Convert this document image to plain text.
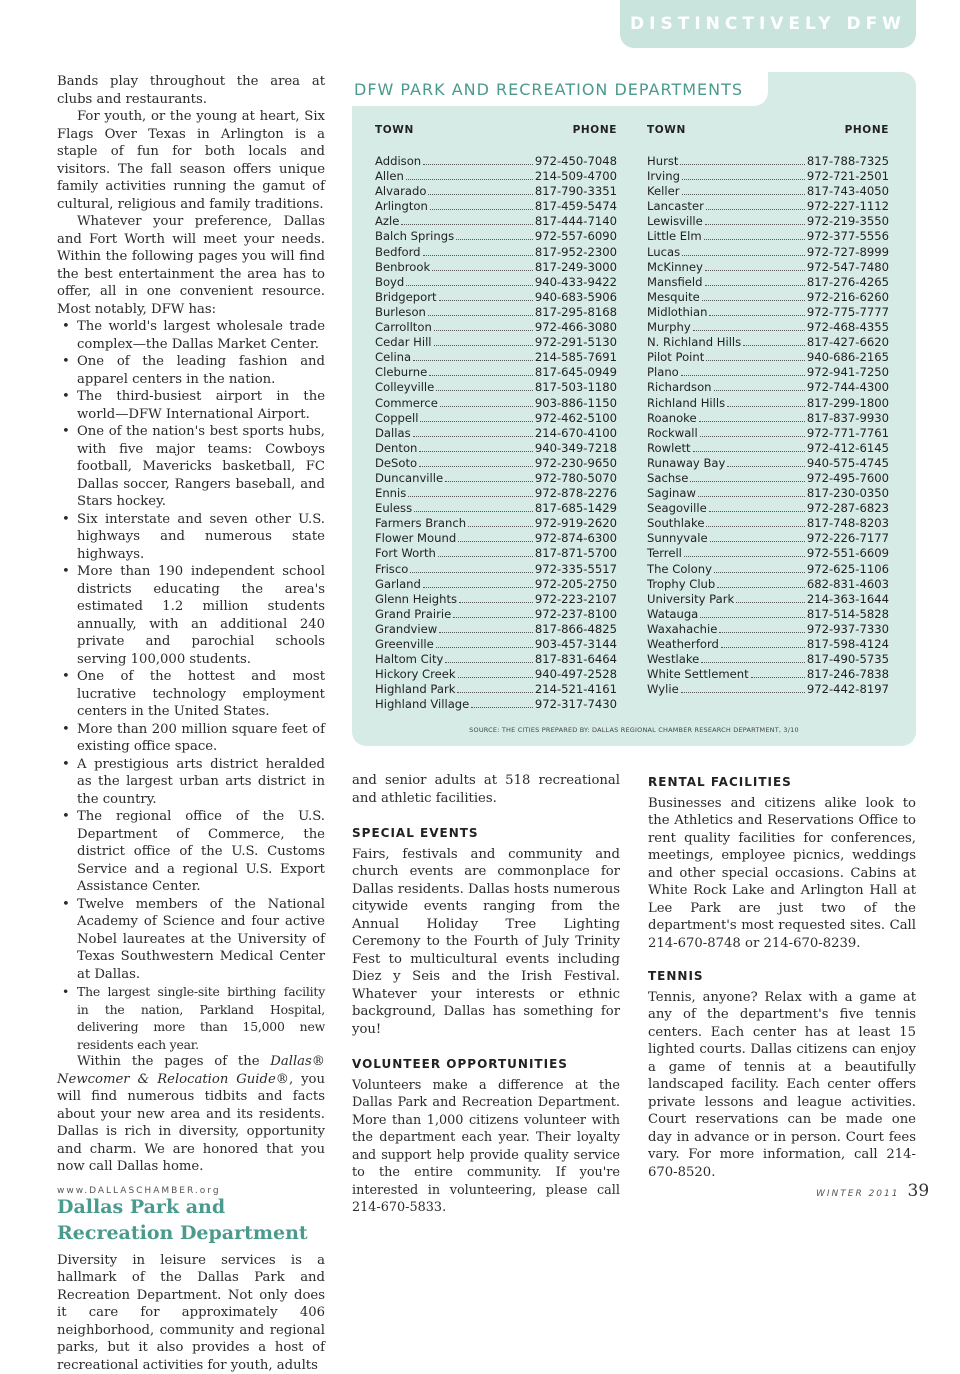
DISTINCTIVELY DFW

Bands play throughout the area at clubs and restaurants.

For youth, or the young at heart, Six Flags Over Texas in Arlington is a staple of fun for both locals and visitors. The fall season offers unique family activities running the gamut of cultural, religious and family traditions.

Whatever your preference, Dallas and Fort Worth will meet your needs. Within the following pages you will find the best entertainment the area has to offer, all in one convenient resource. Most notably, DFW has:

• The world's largest wholesale trade complex—the Dallas Market Center.
• One of the leading fashion and apparel centers in the nation.
• The third-busiest airport in the world—DFW International Airport.
• One of the nation's best sports hubs, with five major teams: Cowboys football, Mavericks basketball, FC Dallas soccer, Rangers baseball, and Stars hockey.
• Six interstate and seven other U.S. highways and numerous state highways.
• More than 190 independent school districts educating the area's estimated 1.2 million students annually, with an additional 240 private and parochial schools serving 100,000 students.
• One of the hottest and most lucrative technology employment centers in the United States.
• More than 200 million square feet of existing office space.
• A prestigious arts district heralded as the largest urban arts district in the country.
• The regional office of the U.S. Department of Commerce, the district office of the U.S. Customs Service and a regional U.S. Export Assistance Center.
• Twelve members of the National Academy of Science and four active Nobel laureates at the University of Texas Southwestern Medical Center at Dallas.
• The largest single-site birthing facility in the nation, Parkland Hospital, delivering more than 15,000 new residents each year.

Within the pages of the Dallas® Newcomer & Relocation Guide®, you will find numerous tidbits and facts about your new area and its residents. Dallas is rich in diversity, opportunity and charm. We are honored that you now call Dallas home.

Dallas Park and Recreation Department

Diversity in leisure services is a hallmark of the Dallas Park and Recreation Department. Not only does it care for approximately 406 neighborhood, community and regional parks, but it also provides a host of recreational activities for youth, adults

DFW PARK AND RECREATION DEPARTMENTS
TOWN	PHONE
Addison	972-450-7048
Allen	214-509-4700
Alvarado	817-790-3351
Arlington	817-459-5474
Azle	817-444-7140
Balch Springs	972-557-6090
Bedford	817-952-2300
Benbrook	817-249-3000
Boyd	940-433-9422
Bridgeport	940-683-5906
Burleson	817-295-8168
Carrollton	972-466-3080
Cedar Hill	972-291-5130
Celina	214-585-7691
Cleburne	817-645-0949
Colleyville	817-503-1180
Commerce	903-886-1150
Coppell	972-462-5100
Dallas	214-670-4100
Denton	940-349-7218
DeSoto	972-230-9650
Duncanville	972-780-5070
Ennis	972-878-2276
Euless	817-685-1429
Farmers Branch	972-919-2620
Flower Mound	972-874-6300
Fort Worth	817-871-5700
Frisco	972-335-5517
Garland	972-205-2750
Glenn Heights	972-223-2107
Grand Prairie	972-237-8100
Grandview	817-866-4825
Greenville	903-457-3144
Haltom City	817-831-6464
Hickory Creek	940-497-2528
Highland Park	214-521-4161
Highland Village	972-317-7430
TOWN	PHONE
Hurst	817-788-7325
Irving	972-721-2501
Keller	817-743-4050
Lancaster	972-227-1112
Lewisville	972-219-3550
Little Elm	972-377-5556
Lucas	972-727-8999
McKinney	972-547-7480
Mansfield	817-276-4265
Mesquite	972-216-6260
Midlothian	972-775-7777
Murphy	972-468-4355
N. Richland Hills	817-427-6620
Pilot Point	940-686-2165
Plano	972-941-7250
Richardson	972-744-4300
Richland Hills	817-299-1800
Roanoke	817-837-9930
Rockwall	972-771-7761
Rowlett	972-412-6145
Runaway Bay	940-575-4745
Sachse	972-495-7600
Saginaw	817-230-0350
Seagoville	972-287-6823
Southlake	817-748-8203
Sunnyvale	972-226-7177
Terrell	972-551-6609
The Colony	972-625-1106
Trophy Club	682-831-4603
University Park	214-363-1644
Watauga	817-514-5828
Waxahachie	972-937-7330
Weatherford	817-598-4124
Westlake	817-490-5735
White Settlement	817-246-7838
Wylie	972-442-8197
SOURCE: THE CITIES PREPARED BY: DALLAS REGIONAL CHAMBER RESEARCH DEPARTMENT, 3/10

and senior adults at 518 recreational and athletic facilities.

SPECIAL EVENTS

Fairs, festivals and community and church events are commonplace for Dallas residents. Dallas hosts numerous citywide events ranging from the Annual Holiday Tree Lighting Ceremony to the Fourth of July Trinity Fest to multicultural events including Diez y Seis and the Irish Festival. Whatever your interests or ethnic background, Dallas has something for you!

VOLUNTEER OPPORTUNITIES

Volunteers make a difference at the Dallas Park and Recreation Department. More than 1,000 citizens volunteer with the department each year. Their loyalty and support help provide quality service to the entire community. If you're interested in volunteering, please call 214-670-5833.

RENTAL FACILITIES

Businesses and citizens alike look to the Athletics and Reservations Office to rent quality facilities for conferences, meetings, employee picnics, weddings and other special occasions. Cabins at White Rock Lake and Arlington Hall at Lee Park are just two of the department's most requested sites. Call 214-670-8748 or 214-670-8239.

TENNIS

Tennis, anyone? Relax with a game at any of the department's five tennis centers. Each center has at least 15 lighted courts. Dallas citizens can enjoy a game of tennis at a beautifully landscaped facility. Each center offers private lessons and league activities. Court reservations can be made one day in advance or in person. Court fees vary. For more information, call 214-670-8520.

www.DALLASCHAMBER.org	WINTER 2011 39
